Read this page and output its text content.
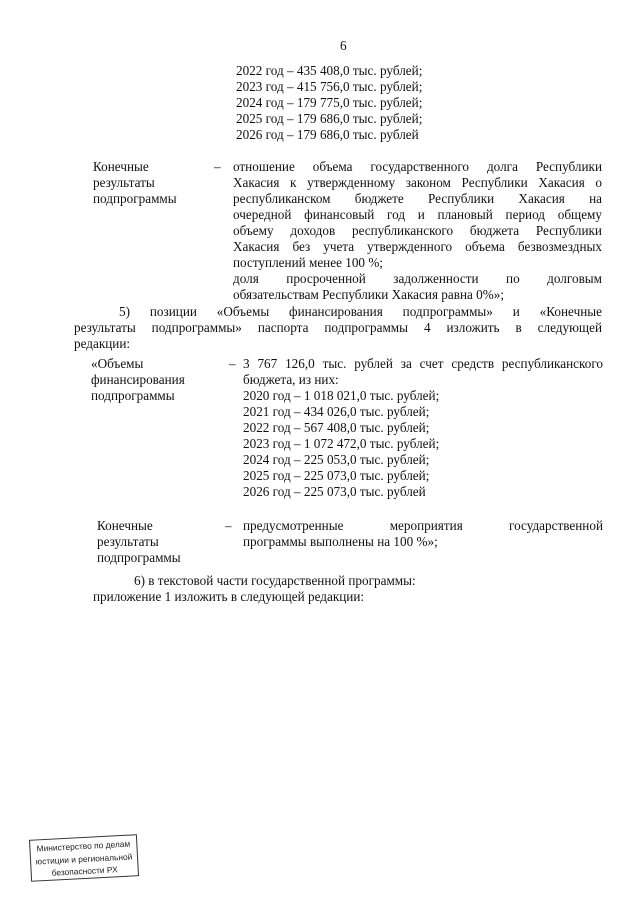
6
2022 год – 435 408,0 тыс. рублей;
2023 год – 415 756,0 тыс. рублей;
2024 год – 179 775,0 тыс. рублей;
2025 год – 179 686,0 тыс. рублей;
2026 год – 179 686,0 тыс. рублей
Конечные
результаты
подпрограммы
– отношение объема государственного долга Республики
Хакасия к утвержденному законом Республики Хакасия о
республиканском бюджете Республики Хакасия на
очередной финансовый год и плановый период общему
объему доходов республиканского бюджета Республики
Хакасия без учета утвержденного объема безвозмездных
поступлений менее 100 %;
доля просроченной задолженности по долговым
обязательствам Республики Хакасия равна 0%»;
5) позиции «Объемы финансирования подпрограммы» и «Конечные
результаты подпрограммы» паспорта подпрограммы 4 изложить в следующей
редакции:
«Объемы
финансирования
подпрограммы
– 3 767 126,0 тыс. рублей за счет средств республиканского
бюджета, из них:
2020 год – 1 018 021,0 тыс. рублей;
2021 год – 434 026,0 тыс. рублей;
2022 год – 567 408,0 тыс. рублей;
2023 год – 1 072 472,0 тыс. рублей;
2024 год – 225 053,0 тыс. рублей;
2025 год – 225 073,0 тыс. рублей;
2026 год – 225 073,0 тыс. рублей
Конечные
результаты
подпрограммы
– предусмотренные мероприятия государственной
программы выполнены на 100 %»;
6) в текстовой части государственной программы:
приложение 1 изложить в следующей редакции:
Министерство по делам
юстиции и региональной
безопасности РХ
